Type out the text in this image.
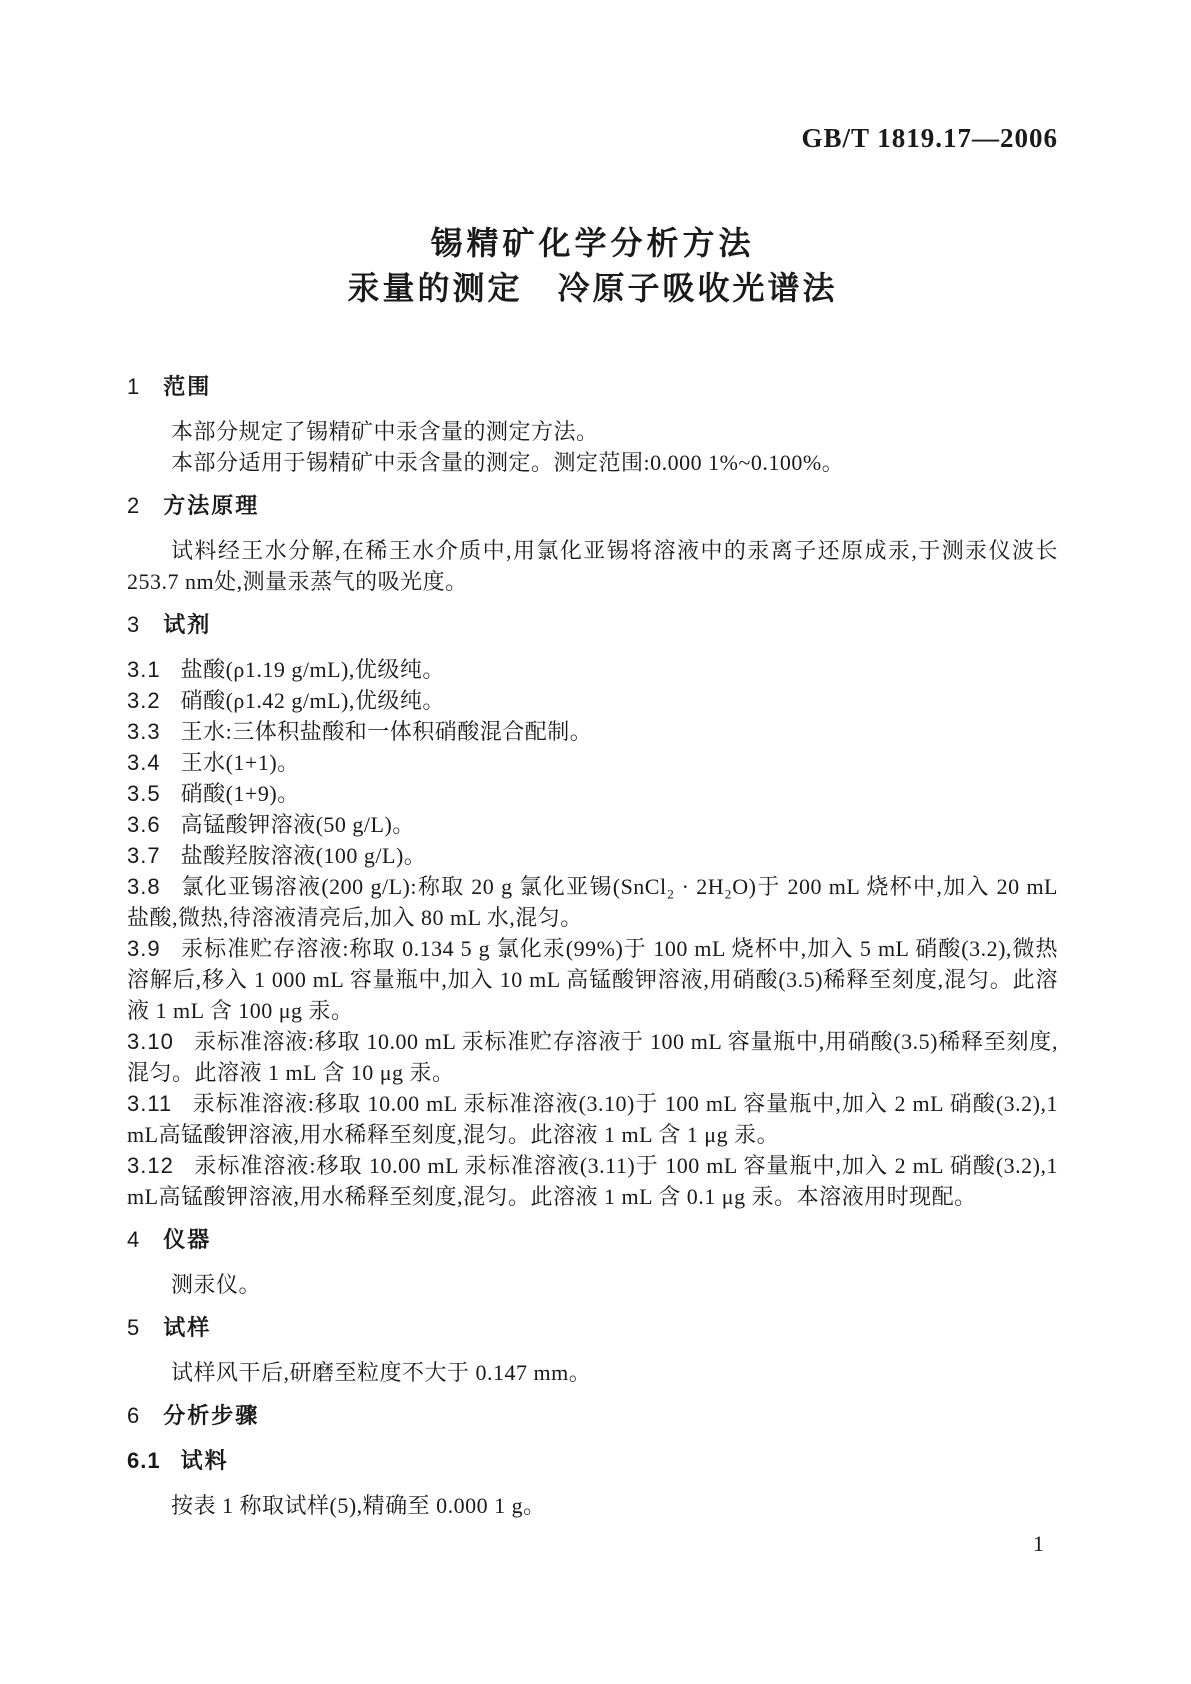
GB/T 1819.17—2006
锡精矿化学分析方法
汞量的测定　冷原子吸收光谱法
1 范围

本部分规定了锡精矿中汞含量的测定方法。

本部分适用于锡精矿中汞含量的测定。测定范围:0.000 1%~0.100%。

2 方法原理

试料经王水分解,在稀王水介质中,用氯化亚锡将溶液中的汞离子还原成汞,于测汞仪波长253.7 nm处,测量汞蒸气的吸光度。

3 试剂

3.1 盐酸(ρ1.19 g/mL),优级纯。

3.2 硝酸(ρ1.42 g/mL),优级纯。

3.3 王水:三体积盐酸和一体积硝酸混合配制。

3.4 王水(1+1)。

3.5 硝酸(1+9)。

3.6 高锰酸钾溶液(50 g/L)。

3.7 盐酸羟胺溶液(100 g/L)。

3.8 氯化亚锡溶液(200 g/L):称取 20 g 氯化亚锡(SnCl₂ · 2H₂O)于 200 mL 烧杯中,加入 20 mL 盐酸,微热,待溶液清亮后,加入 80 mL 水,混匀。

3.9 汞标准贮存溶液:称取 0.134 5 g 氯化汞(99%)于 100 mL 烧杯中,加入 5 mL 硝酸(3.2),微热溶解后,移入 1 000 mL 容量瓶中,加入 10 mL 高锰酸钾溶液,用硝酸(3.5)稀释至刻度,混匀。此溶液 1 mL 含 100 μg 汞。

3.10 汞标准溶液:移取 10.00 mL 汞标准贮存溶液于 100 mL 容量瓶中,用硝酸(3.5)稀释至刻度,混匀。此溶液 1 mL 含 10 μg 汞。

3.11 汞标准溶液:移取 10.00 mL 汞标准溶液(3.10)于 100 mL 容量瓶中,加入 2 mL 硝酸(3.2),1 mL高锰酸钾溶液,用水稀释至刻度,混匀。此溶液 1 mL 含 1 μg 汞。

3.12 汞标准溶液:移取 10.00 mL 汞标准溶液(3.11)于 100 mL 容量瓶中,加入 2 mL 硝酸(3.2),1 mL高锰酸钾溶液,用水稀释至刻度,混匀。此溶液 1 mL 含 0.1 μg 汞。本溶液用时现配。

4 仪器

测汞仪。

5 试样

试样风干后,研磨至粒度不大于 0.147 mm。

6 分析步骤
6.1 试料

按表 1 称取试样(5),精确至 0.000 1 g。

1
